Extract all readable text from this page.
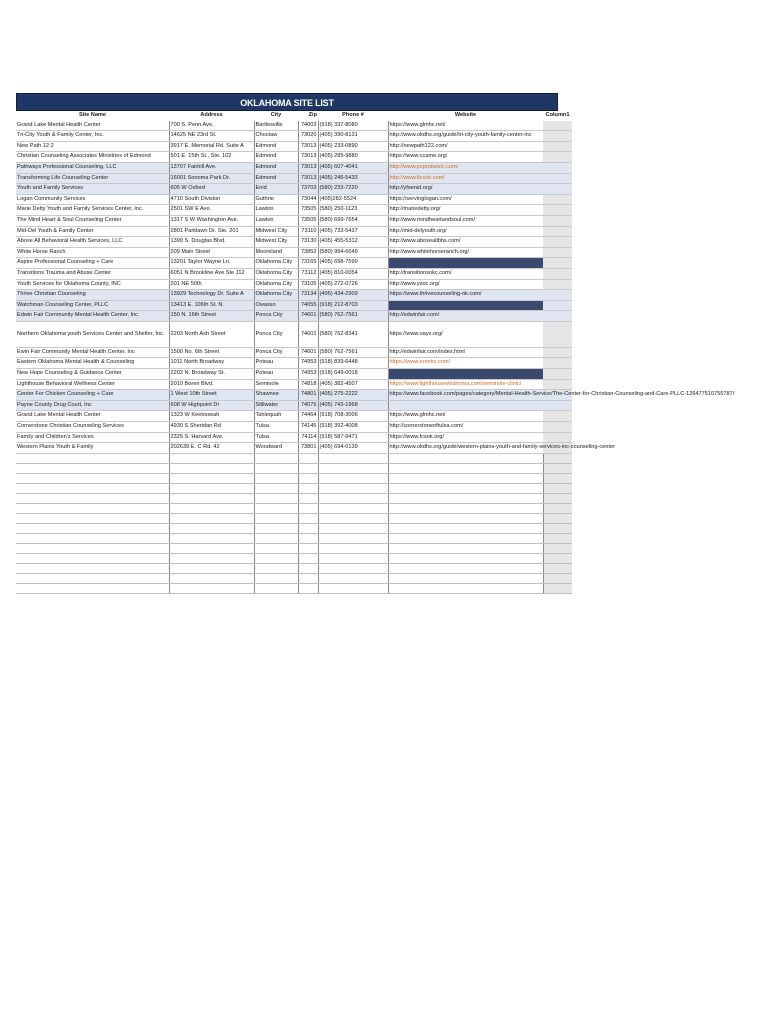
OKLAHOMA SITE LIST
Site Name	Address	City	Zip	Phone #	Website	Column1
Grand Lake Mental Health Center	700 S. Penn Ave.	Bartlesville	74003	(918) 337-8080	https://www.glmhc.net/	
Tri-City Youth & Family Center, Inc.	14625 NE 23rd St.	Choctaw	73020	(405) 390-8131	http://www.okdhs.org/guide/tri-city-youth-family-center-inc	
New Path 12:2	3917 E. Memorial Rd. Suite A	Edmond	73013	(405) 233-0890	http://newpath122.com/	
Christian Counseling Associates Ministries of Edmond	501 E. 15th St., Ste. 102	Edmond	73013	(405) 285-9880	https://www.ccame.org/	
Pathways Professional Counseling, LLC	13707 Fairhill Ave.	Edmond	73013	(405) 607-4041	http://www.pcprotwivic.com/	
Transforming Life Counseling Center	16001 Sonoma Park Dr.	Edmond	73013	(405) 246-5433	http://www.tlccok.com/	
Youth and Family Services	605 W Oxford	Enid	73703	(580) 233-7220	http://yfsenid.org/	
Logan Community Services	4710 South Division	Guthrie	73044	(405)282-5524	https://servinglogan.com/	
Marie Detty Youth and Family Services Center, Inc.	2501 SW E Ave.	Lawton	73505	(580) 250-1123	http://mariedetty.org/	
The Mind Heart & Soul Counseling Center	1317 S W Washington Ave.	Lawton	73505	(580) 699-7654	http://www.mindheartandsoul.com/	
Mid-Del Youth & Family Center	2801 Parklawn Dr. Ste. 201	Midwest City	73110	(405) 733-5437	http://mid-delyouth.org/	
Above All Behavioral Health Services, LLC	1390 S. Douglas Blvd.	Midwest City	73130	(405) 455-5312	http://www.aboveallbhs.com/	
White Horse Ranch	209 Main Street	Mooreland	73852	(580) 994-6649	http://www.whitehorseranch.org/	
Aspire Professional Counseling + Care	13201 Taylor Wayne Ln.	Oklahoma City	73165	(405) 698-7599		
Transitions Trauma and Abuse Center	6051 N Brookline Ave Ste 112	Oklahoma City	73112	(405) 810-0054	http://transitionsokc.com/	
Youth Services for Oklahoma County, INC	201 NE 50th	Oklahoma City	73105	(405) 272-0726	http://www.ysoc.org/	
Thrive Christian Counseling	13929 Technology Dr. Suite A	Oklahoma City	73134	(405) 434-2909	https://www.thrivecounseling-ok.com/	
Watchman Counseling Center, PLLC	13413 E. 106th St. N.	Owasso	74055	(918) 212-8703		
Edwin Fair Community Mental Health Center, Inc.	150 N. 16th Street	Ponca City	74601	(580) 762-7561	http://edwinfair.com/	
Northern Oklahoma youth Services Center and Shelter, Inc.	2203 North Ash Street	Ponca City	74601	(580) 762-8341	https://www.oays.org/	
Ewin Fair Community Mental Health Center, Inc	1500 No. 6th Street	Ponca City	74601	(580) 762-7561	http://edwinfair.com/index.html	
Eastern Oklahoma Mental Health & Counseling	1011 North Broadway	Poteau	74953	(918) 839-6448	https://www.eomhc.com/	
New Hope Counseling & Guidance Center	2202 N. Broadway St.	Poteau	74953	(918) 649-0018		
Lighthouse Behavioral Wellness Center	2010 Boren Blvd.	Seminole	74818	(405) 382-4507	https://www.lighthouseoklahoma.com/seminole-clinic/	
Center For Chicken Counseling + Care	1 West 10th Street	Shawnee	74801	(405) 275-2222	https://www.facebook.com/pages/category/Mental-Health-Service/The-Center-for-Christian-Counseling-and-Care-PLLC-126477510755787/	
Payne County Drug Court, Inc	608 W Highpoint Dr	Stillwater	74076	(405) 743-1968		
Grand Lake Mental Health Center	1323 W Keetoowah	Tahlequah	74464	(918) 708-3006	https://www.glmhc.net/	
Cornerstone Christian Counseling Services	4930 S Sheridan Rd	Tulsa	74145	(918) 392-4008	http://cornerstoneoftulsa.com/	
Family and Children's Services	2325 S. Harvard Ave.	Tulsa	74114	(918) 587-9471	https://www.fcsok.org/	
Western Plains Youth & Family	202639 E. C Rd. 42	Woodward	73801	(405) 694-0139	http://www.okdhs.org/guide/western-plains-youth-and-family-services-inc-counseling-center	
